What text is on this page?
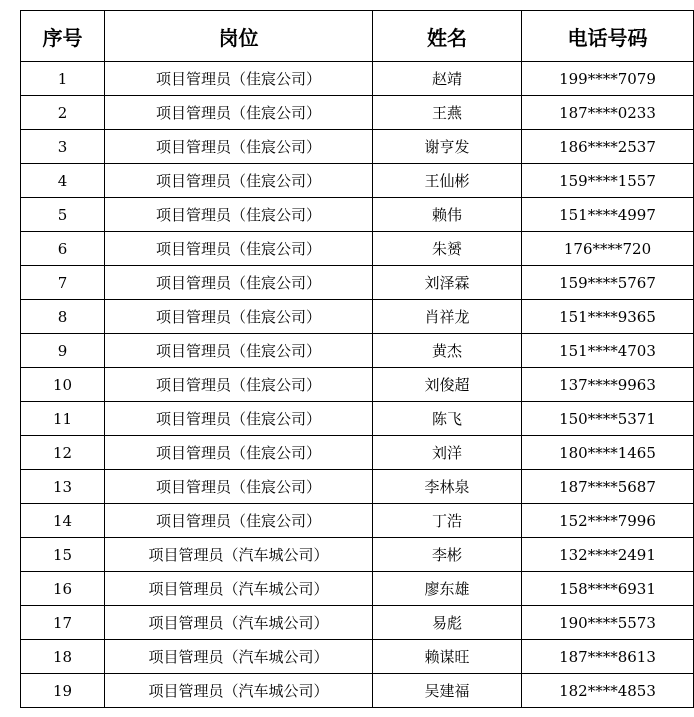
序号	岗位	姓名	电话号码
1	项目管理员（佳宸公司）	赵靖	199****7079
2	项目管理员（佳宸公司）	王燕	187****0233
3	项目管理员（佳宸公司）	谢亨发	186****2537
4	项目管理员（佳宸公司）	王仙彬	159****1557
5	项目管理员（佳宸公司）	赖伟	151****4997
6	项目管理员（佳宸公司）	朱赟	176****720
7	项目管理员（佳宸公司）	刘泽霖	159****5767
8	项目管理员（佳宸公司）	肖祥龙	151****9365
9	项目管理员（佳宸公司）	黄杰	151****4703
10	项目管理员（佳宸公司）	刘俊超	137****9963
11	项目管理员（佳宸公司）	陈飞	150****5371
12	项目管理员（佳宸公司）	刘洋	180****1465
13	项目管理员（佳宸公司）	李林泉	187****5687
14	项目管理员（佳宸公司）	丁浩	152****7996
15	项目管理员（汽车城公司）	李彬	132****2491
16	项目管理员（汽车城公司）	廖东雄	158****6931
17	项目管理员（汽车城公司）	易彪	190****5573
18	项目管理员（汽车城公司）	赖谋旺	187****8613
19	项目管理员（汽车城公司）	吴建福	182****4853
